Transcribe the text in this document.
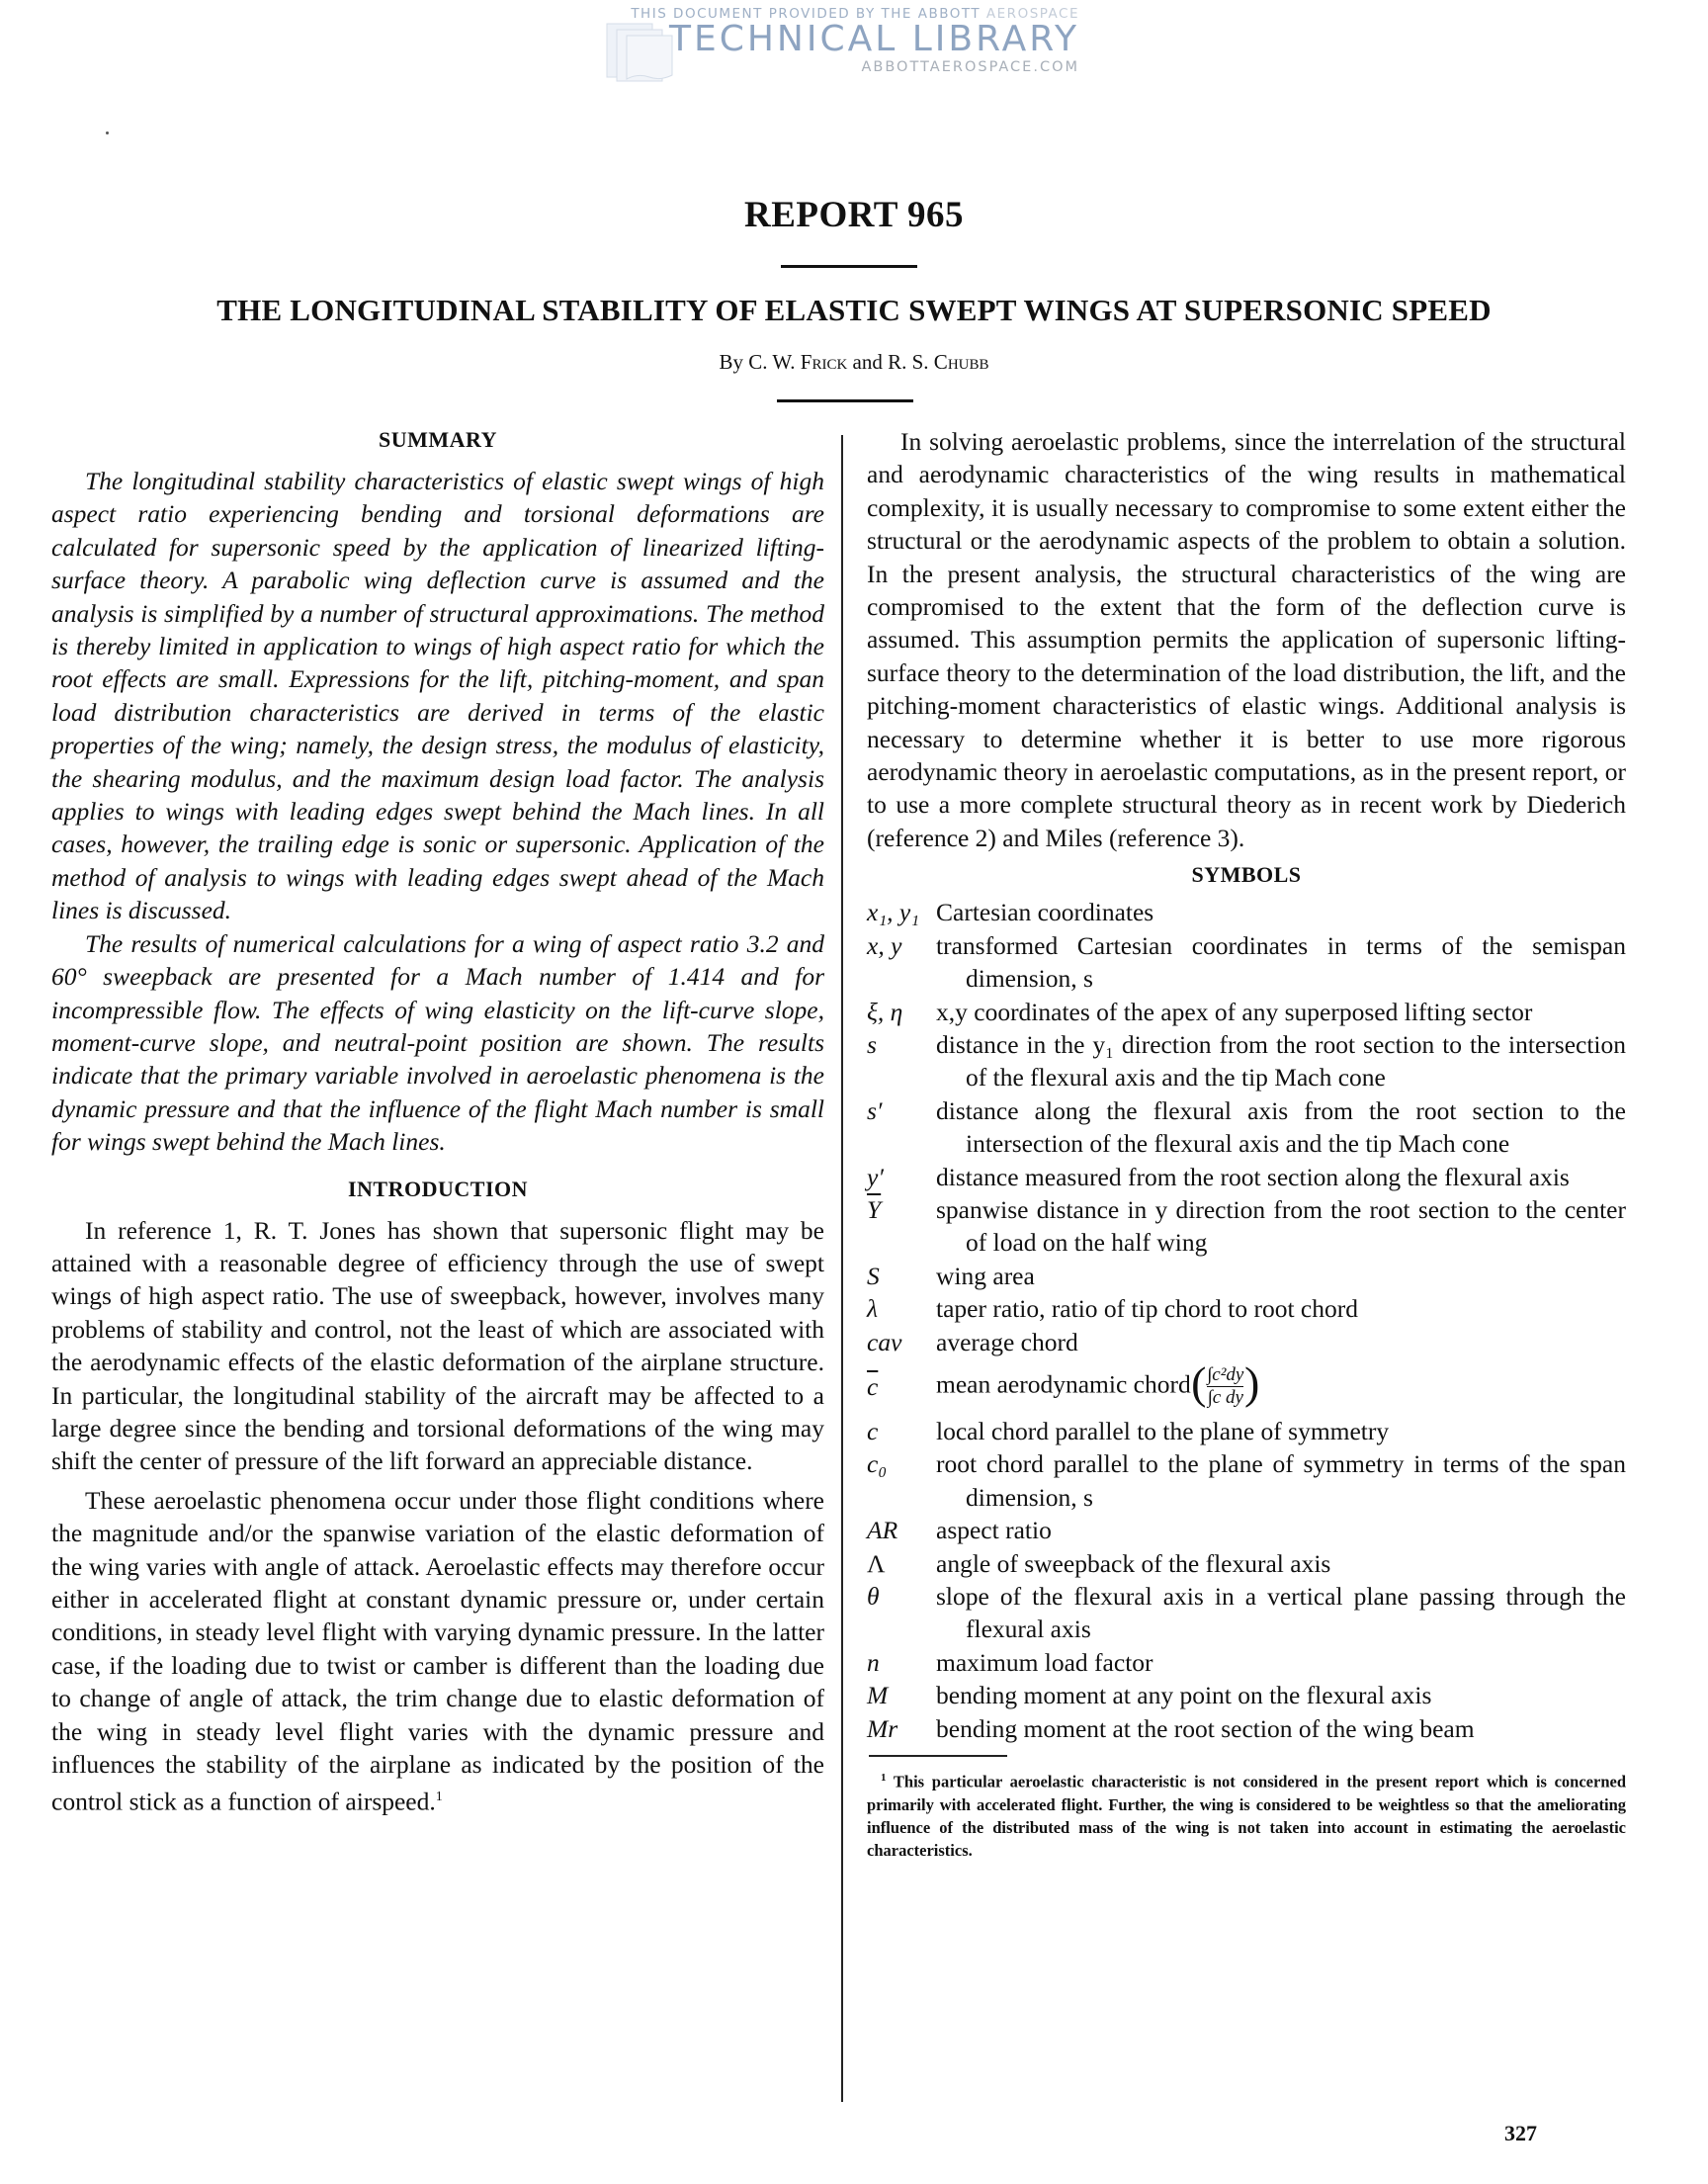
THIS DOCUMENT PROVIDED BY THE ABBOTT AEROSPACE
TECHNICAL LIBRARY
ABBOTTAEROSPACE.COM
REPORT 965
THE LONGITUDINAL STABILITY OF ELASTIC SWEPT WINGS AT SUPERSONIC SPEED
By C. W. Frick and R. S. Chubb
SUMMARY

The longitudinal stability characteristics of elastic swept wings of high aspect ratio experiencing bending and torsional deformations are calculated for supersonic speed by the application of linearized lifting-surface theory. A parabolic wing deflection curve is assumed and the analysis is simplified by a number of structural approximations. The method is thereby limited in application to wings of high aspect ratio for which the root effects are small. Expressions for the lift, pitching-moment, and span load distribution characteristics are derived in terms of the elastic properties of the wing; namely, the design stress, the modulus of elasticity, the shearing modulus, and the maximum design load factor. The analysis applies to wings with leading edges swept behind the Mach lines. In all cases, however, the trailing edge is sonic or supersonic. Application of the method of analysis to wings with leading edges swept ahead of the Mach lines is discussed.

The results of numerical calculations for a wing of aspect ratio 3.2 and 60° sweepback are presented for a Mach number of 1.414 and for incompressible flow. The effects of wing elasticity on the lift-curve slope, moment-curve slope, and neutral-point position are shown. The results indicate that the primary variable involved in aeroelastic phenomena is the dynamic pressure and that the influence of the flight Mach number is small for wings swept behind the Mach lines.

INTRODUCTION

In reference 1, R. T. Jones has shown that supersonic flight may be attained with a reasonable degree of efficiency through the use of swept wings of high aspect ratio. The use of sweepback, however, involves many problems of stability and control, not the least of which are associated with the aerodynamic effects of the elastic deformation of the airplane structure. In particular, the longitudinal stability of the aircraft may be affected to a large degree since the bending and torsional deformations of the wing may shift the center of pressure of the lift forward an appreciable distance.

These aeroelastic phenomena occur under those flight conditions where the magnitude and/or the spanwise variation of the elastic deformation of the wing varies with angle of attack. Aeroelastic effects may therefore occur either in accelerated flight at constant dynamic pressure or, under certain conditions, in steady level flight with varying dynamic pressure. In the latter case, if the loading due to twist or camber is different than the loading due to change of angle of attack, the trim change due to elastic deformation of the wing in steady level flight varies with the dynamic pressure and influences the stability of the airplane as indicated by the position of the control stick as a function of airspeed.$^1$

In solving aeroelastic problems, since the interrelation of the structural and aerodynamic characteristics of the wing results in mathematical complexity, it is usually necessary to compromise to some extent either the structural or the aerodynamic aspects of the problem to obtain a solution. In the present analysis, the structural characteristics of the wing are compromised to the extent that the form of the deflection curve is assumed. This assumption permits the application of supersonic lifting-surface theory to the determination of the load distribution, the lift, and the pitching-moment characteristics of elastic wings. Additional analysis is necessary to determine whether it is better to use more rigorous aerodynamic theory in aeroelastic computations, as in the present report, or to use a more complete structural theory as in recent work by Diederich (reference 2) and Miles (reference 3).

SYMBOLS
x₁, y₁ Cartesian coordinates
x, y	transformed Cartesian coordinates in terms of the semispan dimension, s
ξ, η	x,y coordinates of the apex of any superposed lifting sector
s	distance in the y₁ direction from the root section to the intersection of the flexural axis and the tip Mach cone
s′	distance along the flexural axis from the root section to the intersection of the flexural axis and the tip Mach cone
y′	distance measured from the root section along the flexural axis
$\overline{Y}$	spanwise distance in y direction from the root section to the center of load on the half wing
S	wing area
λ	taper ratio, ratio of tip chord to root chord
cav	average chord
$\overline{c}$	mean aerodynamic chord ( $\frac{\text{∫c²dy}}{\text{∫c dy}}$
)
c	local chord parallel to the plane of symmetry
c₀	root chord parallel to the plane of symmetry in terms of the span dimension, s
AR	aspect ratio
Λ	angle of sweepback of the flexural axis
θ	slope of the flexural axis in a vertical plane passing through the flexural axis
n	maximum load factor
M	bending moment at any point on the flexural axis
Mr	bending moment at the root section of the wing beam
$^1$ This particular aeroelastic characteristic is not considered in the present report which is concerned primarily with accelerated flight. Further, the wing is considered to be weightless so that the ameliorating influence of the distributed mass of the wing is not taken into account in estimating the aeroelastic characteristics.
327
